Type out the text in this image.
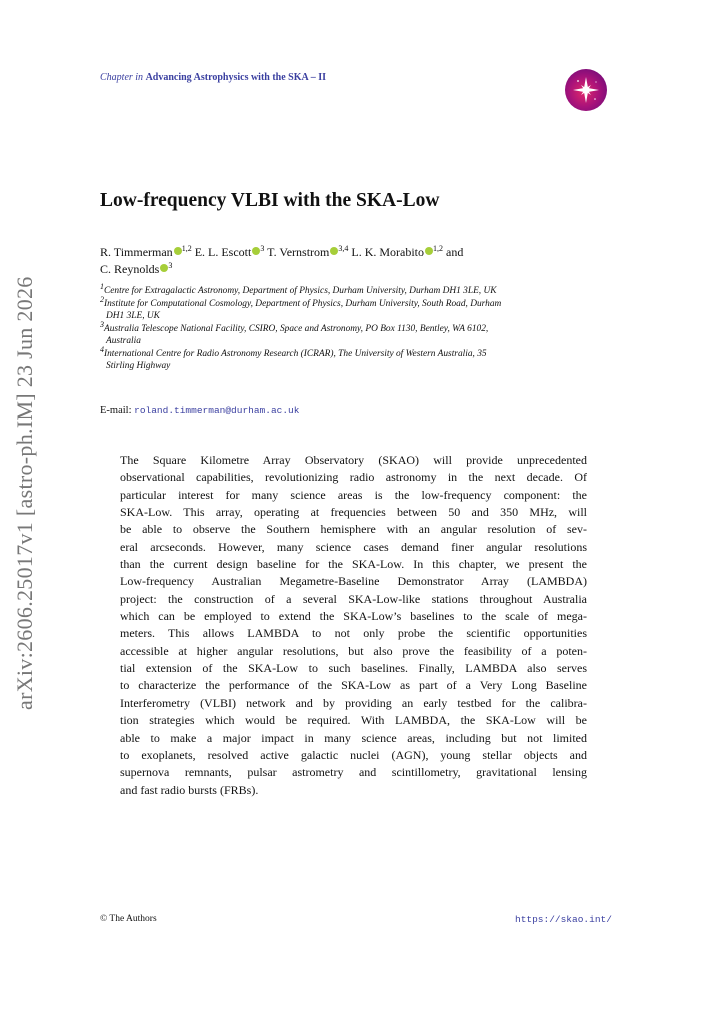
Chapter in Advancing Astrophysics with the SKA – II
arXiv:2606.25017v1 [astro-ph.IM] 23 Jun 2026
Low-frequency VLBI with the SKA-Low
R. Timmerman $^{1,2}$ E. L. Escott $^3$ T. Vernstrom $^{3,4}$ L. K. Morabito $^{1,2}$ and
C. Reynolds $^3$

$^1$Centre for Extragalactic Astronomy, Department of Physics, Durham University, Durham DH1 3LE, UK

$^2$Institute for Computational Cosmology, Department of Physics, Durham University, South Road, Durham
DH1 3LE, UK

$^3$Australia Telescope National Facility, CSIRO, Space and Astronomy, PO Box 1130, Bentley, WA 6102,
Australia

$^4$International Centre for Radio Astronomy Research (ICRAR), The University of Western Australia, 35
Stirling Highway

E-mail: roland.timmerman@durham.ac.uk
The Square Kilometre Array Observatory (SKAO) will provide unprecedented
observational capabilities, revolutionizing radio astronomy in the next decade. Of
particular interest for many science areas is the low-frequency component: the
SKA-Low. This array, operating at frequencies between 50 and 350 MHz, will
be able to observe the Southern hemisphere with an angular resolution of sev-
eral arcseconds. However, many science cases demand finer angular resolutions
than the current design baseline for the SKA-Low. In this chapter, we present the
Low-frequency Australian Megametre-Baseline Demonstrator Array (LAMBDA)
project: the construction of a several SKA-Low-like stations throughout Australia
which can be employed to extend the SKA-Low’s baselines to the scale of mega-
meters. This allows LAMBDA to not only probe the scientific opportunities
accessible at higher angular resolutions, but also prove the feasibility of a poten-
tial extension of the SKA-Low to such baselines. Finally, LAMBDA also serves
to characterize the performance of the SKA-Low as part of a Very Long Baseline
Interferometry (VLBI) network and by providing an early testbed for the calibra-
tion strategies which would be required. With LAMBDA, the SKA-Low will be
able to make a major impact in many science areas, including but not limited
to exoplanets, resolved active galactic nuclei (AGN), young stellar objects and
supernova remnants, pulsar astrometry and scintillometry, gravitational lensing
and fast radio bursts (FRBs).
© The Authors	https://skao.int/
